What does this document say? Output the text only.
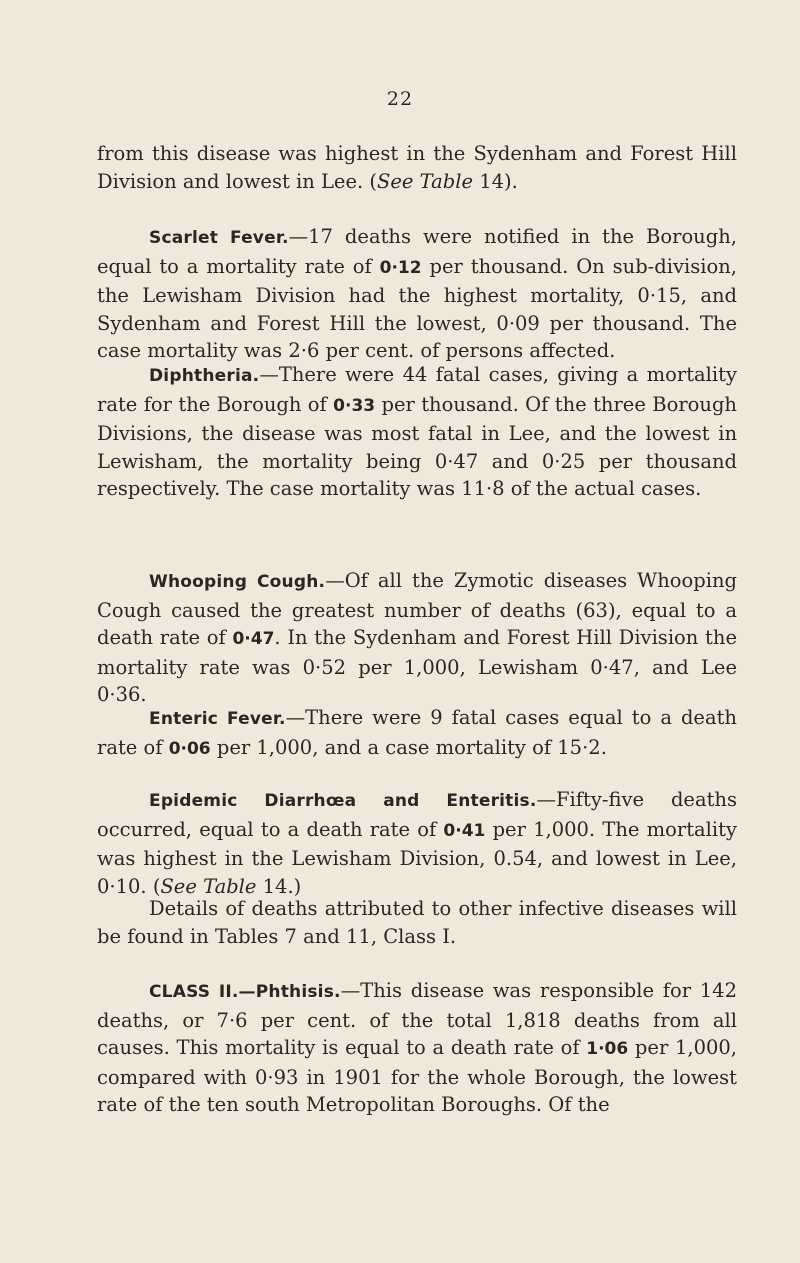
22

from this disease was highest in the Sydenham and Forest Hill Division and lowest in Lee. (See Table 14).

Scarlet Fever.—17 deaths were notified in the Borough, equal to a mortality rate of 0·12 per thousand. On sub-division, the Lewisham Division had the highest mortality, 0·15, and Sydenham and Forest Hill the lowest, 0·09 per thousand. The case mortality was 2·6 per cent. of persons affected.

Diphtheria.—There were 44 fatal cases, giving a mortality rate for the Borough of 0·33 per thousand. Of the three Borough Divisions, the disease was most fatal in Lee, and the lowest in Lewisham, the mortality being 0·47 and 0·25 per thousand respectively. The case mortality was 11·8 of the actual cases.

Whooping Cough.—Of all the Zymotic diseases Whooping Cough caused the greatest number of deaths (63), equal to a death rate of 0·47. In the Sydenham and Forest Hill Division the mortality rate was 0·52 per 1,000, Lewisham 0·47, and Lee 0·36.

Enteric Fever.—There were 9 fatal cases equal to a death rate of 0·06 per 1,000, and a case mortality of 15·2.

Epidemic Diarrhœa and Enteritis.—Fifty-five deaths occurred, equal to a death rate of 0·41 per 1,000. The mortality was highest in the Lewisham Division, 0.54, and lowest in Lee, 0·10. (See Table 14.)

Details of deaths attributed to other infective diseases will be found in Tables 7 and 11, Class I.

CLASS II.—Phthisis.—This disease was responsible for 142 deaths, or 7·6 per cent. of the total 1,818 deaths from all causes. This mortality is equal to a death rate of 1·06 per 1,000, compared with 0·93 in 1901 for the whole Borough, the lowest rate of the ten south Metropolitan Boroughs. Of the
